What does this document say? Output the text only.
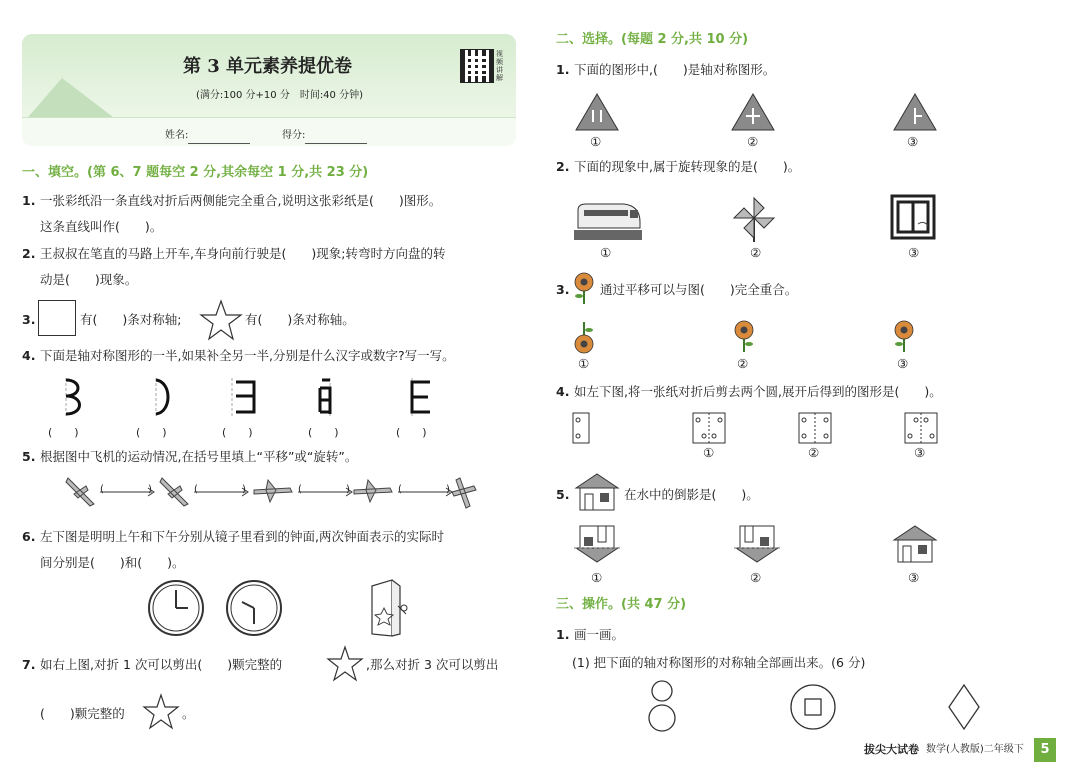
第 3 单元素养提优卷
(满分:100 分+10 分　时间:40 分钟)
视频讲解
姓名:	得分:
一、填空。(第 6、7 题每空 2 分,其余每空 1 分,共 23 分)
1. 一张彩纸沿一条直线对折后两侧能完全重合,说明这张彩纸是(　　)图形。
这条直线叫作(　　)。
2. 王叔叔在笔直的马路上开车,车身向前行驶是(　　)现象;转弯时方向盘的转
动是(　　)现象。
3.	有(　　)条对称轴;	有(　　)条对称轴。
4. 下面是轴对称图形的一半,如果补全另一半,分别是什么汉字或数字?写一写。
(　　)	(　　)	(　　)	(　　)	(　　)
5. 根据图中飞机的运动情况,在括号里填上“平移”或“旋转”。
(	)	(	)	(	)	(	)
6. 左下图是明明上午和下午分别从镜子里看到的钟面,两次钟面表示的实际时
间分别是(　　)和(　　)。
7. 如右上图,对折 1 次可以剪出(　　)颗完整的	,那么对折 3 次可以剪出
(　　)颗完整的	。
二、选择。(每题 2 分,共 10 分)
1. 下面的图形中,(　　)是轴对称图形。
①	②	③
2. 下面的现象中,属于旋转现象的是(　　)。
①	②	③
3. 通过平移可以与图(　　)完全重合。
①	②	③
4. 如左下图,将一张纸对折后剪去两个圆,展开后得到的图形是(　　)。
①	②	③
5.	在水中的倒影是(　　)。
①	②	③
三、操作。(共 47 分)
1. 画一画。
(1) 把下面的轴对称图形的对称轴全部画出来。(6 分)
拔尖大试卷 数学(人教版)二年级下	5
